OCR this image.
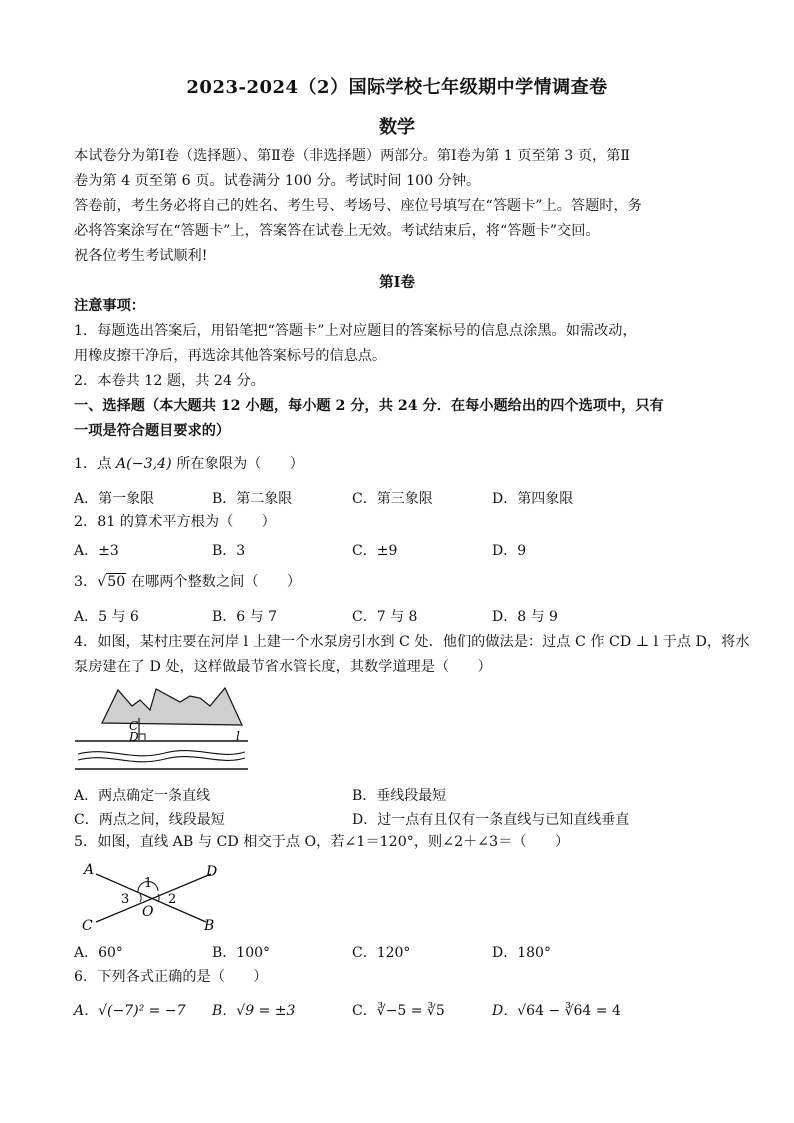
2023-2024（2）国际学校七年级期中学情调查卷
数学
本试卷分为第Ⅰ卷（选择题）、第Ⅱ卷（非选择题）两部分。第Ⅰ卷为第 1 页至第 3 页，第Ⅱ
卷为第 4 页至第 6 页。试卷满分 100 分。考试时间 100 分钟。
答卷前，考生务必将自己的姓名、考生号、考场号、座位号填写在“答题卡”上。答题时，务
必将答案涂写在“答题卡”上，答案答在试卷上无效。考试结束后，将“答题卡”交回。
祝各位考生考试顺利!
第Ⅰ卷
注意事项：
1．每题选出答案后，用铅笔把“答题卡”上对应题目的答案标号的信息点涂黑。如需改动，
用橡皮擦干净后，再选涂其他答案标号的信息点。
2．本卷共 12 题，共 24 分。
一、选择题（本大题共 12 小题，每小题 2 分，共 24 分．在每小题给出的四个选项中，只有
一项是符合题目要求的）
1．点 A(−3,4) 所在象限为（　　）
A．第一象限	B．第二象限	C．第三象限	D．第四象限
2．81 的算术平方根为（　　）
A．±3	B．3	C．±9	D．9
3．√50 在哪两个整数之间（　　）
A．5 与 6	B．6 与 7	C．7 与 8	D．8 与 9
4．如图，某村庄要在河岸 l 上建一个水泵房引水到 C 处．他们的做法是：过点 C 作 CD ⊥ l 于点 D，将水
泵房建在了 D 处，这样做最节省水管长度，其数学道理是（　　）
C
D	l
A．两点确定一条直线	B．垂线段最短
C．两点之间，线段最短	D．过一点有且仅有一条直线与已知直线垂直
5．如图，直线 AB 与 CD 相交于点 O，若∠1＝120°，则∠2＋∠3＝（　　）
A	D
C	B
O
1
2
3
A．60°	B．100°	C．120°	D．180°
6．下列各式正确的是（　　）
A．√(−7)² = −7 B．√9 = ±3	C．∛−5 = ∛5	D．√64 − ∛64 = 4
